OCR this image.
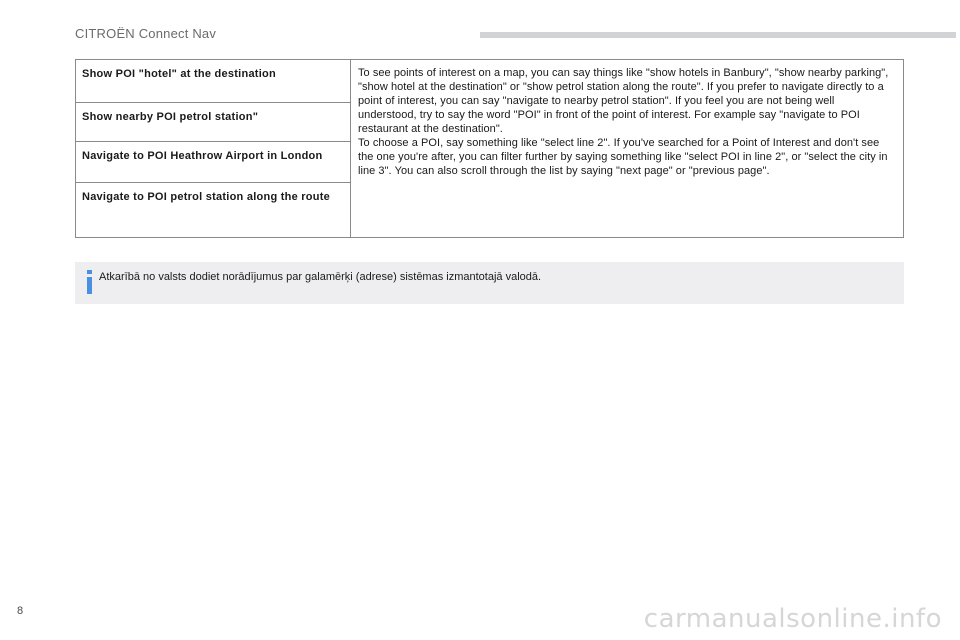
CITROËN Connect Nav
Show POI "hotel" at the destination	To see points of interest on a map, you can say things like "show hotels in Banbury", "show nearby parking", "show hotel at the destination" or "show petrol station along the route". If you prefer to navigate directly to a point of interest, you can say "navigate to nearby petrol station". If you feel you are not being well understood, try to say the word "POI" in front of the point of interest. For example say "navigate to POI restaurant at the destination".
To choose a POI, say something like "select line 2". If you've searched for a Point of Interest and don't see the one you're after, you can filter further by saying something like "select POI in line 2", or "select the city in line 3". You can also scroll through the list by saying "next page" or "previous page".

Show nearby POI petrol station"
Navigate to POI Heathrow Airport in London
Navigate to POI petrol station along the route
Atkarībā no valsts dodiet norādījumus par galamērķi (adrese) sistēmas izmantotajā valodā.
8	carmanualsonline.info
